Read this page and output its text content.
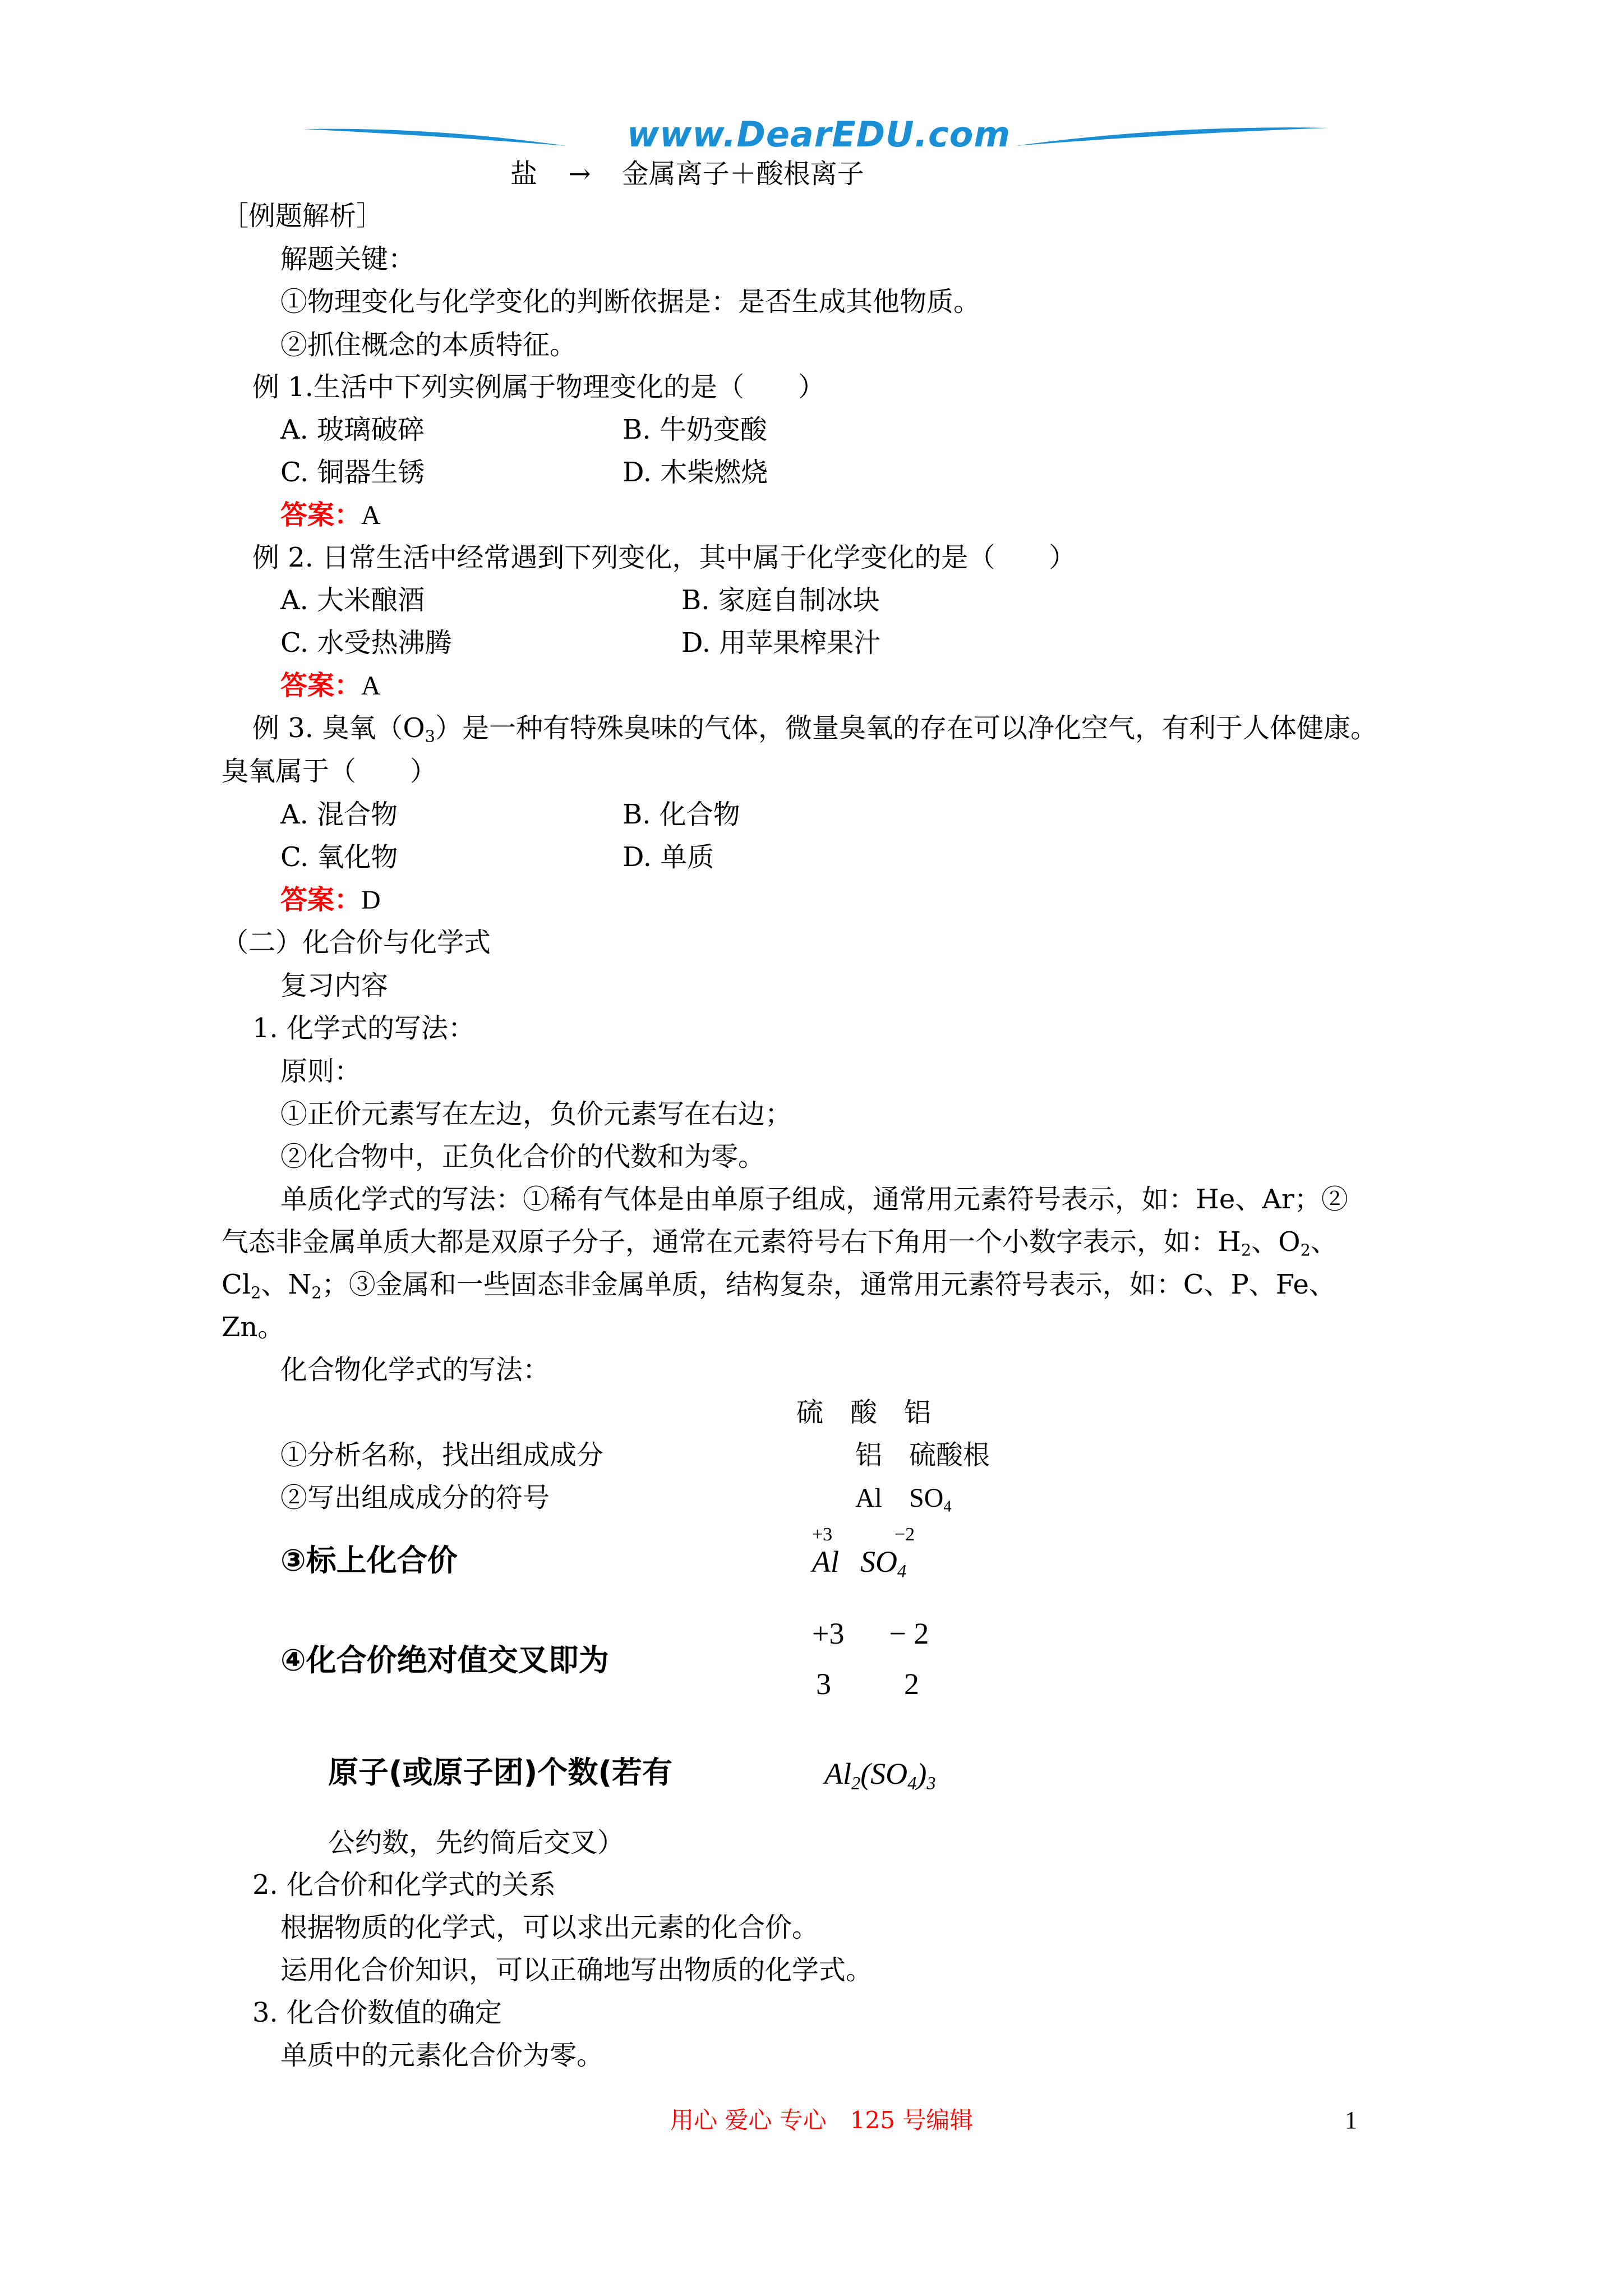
www.DearEDU.com
盐 → 金属离子＋酸根离子
［例题解析］
解题关键：
①物理变化与化学变化的判断依据是：是否生成其他物质。
②抓住概念的本质特征。
例 1.生活中下列实例属于物理变化的是（　　）
A. 玻璃破碎	B. 牛奶变酸
C. 铜器生锈	D. 木柴燃烧
答案：A
例 2. 日常生活中经常遇到下列变化，其中属于化学变化的是（　　）
A. 大米酿酒	B. 家庭自制冰块
C. 水受热沸腾	D. 用苹果榨果汁
答案：A
例 3. 臭氧$(O_3)$是一种有特殊臭味的气体，微量臭氧的存在可以净化空气，有利于人体健康。
臭氧属于（　　）
A. 混合物	B. 化合物
C. 氧化物	D. 单质
答案：D
（二）化合价与化学式
复习内容
1. 化学式的写法：
原则：
①正价元素写在左边，负价元素写在右边；
②化合物中，正负化合价的代数和为零。
单质化学式的写法：①稀有气体是由单原子组成，通常用元素符号表示，如：He、Ar；②
气态非金属单质大都是双原子分子，通常在元素符号右下角用一个小数字表示，如：$H_2$、$O_2$、
$Cl_2$、$N_2$；③金属和一些固态非金属单质，结构复杂，通常用元素符号表示，如：C、P、Fe、
Zn。
化合物化学式的写法：
硫　酸　铝
①分析名称，找出组成成分	铝　硫酸根
②写出组成成分的符号	Al　$SO_4$
③标上化合价
+3	−2
Al $SO_4$
④化合价绝对值交叉即为
+3 − 2
3 2
原子(或原子团)个数(若有	$Al_2(SO_4)_3$
公约数，先约简后交叉）
2. 化合价和化学式的关系
根据物质的化学式，可以求出元素的化合价。
运用化合价知识，可以正确地写出物质的化学式。
3. 化合价数值的确定
单质中的元素化合价为零。
用心 爱心 专心　125 号编辑	1
